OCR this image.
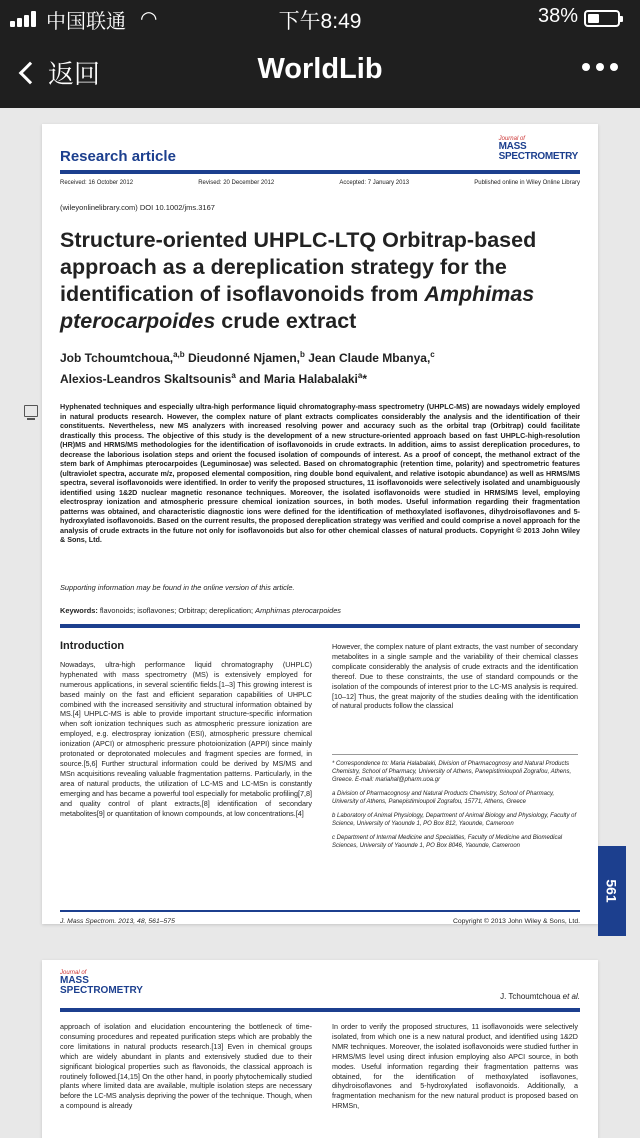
中国联通 ◠	下午8:49	38%
返回	WorldLib
Research article
Journal of
MASS
SPECTROMETRY
Received: 16 October 2012	Revised: 20 December 2012	Accepted: 7 January 2013	Published online in Wiley Online Library
(wileyonlinelibrary.com) DOI 10.1002/jms.3167
Structure-oriented UHPLC-LTQ Orbitrap-based approach as a dereplication strategy for the identification of isoflavonoids from Amphimas pterocarpoides crude extract
Job Tchoumtchoua,$^{a,b}$ Dieudonné Njamen,$^b$ Jean Claude Mbanya,$^c$
Alexios-Leandros Skaltsounis$^a$ and Maria Halabalaki$^a$*
Hyphenated techniques and especially ultra-high performance liquid chromatography-mass spectrometry (UHPLC-MS) are nowadays widely employed in natural products research. However, the complex nature of plant extracts complicates considerably the analysis and the identification of their constituents. Nevertheless, new MS analyzers with increased resolving power and accuracy such as the orbital trap (Orbitrap) could facilitate drastically this process. The objective of this study is the development of a new structure-oriented approach based on fast UHPLC-high-resolution (HR)MS and HRMS/MS methodologies for the identification of isoflavonoids in crude extracts. In addition, aims to assist dereplication procedures, to decrease the laborious isolation steps and orient the focused isolation of compounds of interest. As a proof of concept, the methanol extract of the stem bark of Amphimas pterocarpoides (Leguminosae) was selected. Based on chromatographic (retention time, polarity) and spectrometric features (ultraviolet spectra, accurate m/z, proposed elemental composition, ring double bond equivalent, and relative isotopic abundance) as well as HRMS/MS spectra, several isoflavonoids were identified. In order to verify the proposed structures, 11 isoflavonoids were selectively isolated and unambiguously identified using 1&2D nuclear magnetic resonance techniques. Moreover, the isolated isoflavonoids were studied in HRMS/MS level, employing electrospray ionization and atmospheric pressure chemical ionization sources, in both modes. Useful information regarding their fragmentation patterns was obtained, and characteristic diagnostic ions were defined for the identification of methoxylated isoflavones, dihydroisoflavones and 5-hydroxylated isoflavonoids. Based on the current results, the proposed dereplication strategy was verified and could comprise a novel approach for the analysis of crude extracts in the future not only for isoflavonoids but also for other chemical classes of natural products. Copyright © 2013 John Wiley & Sons, Ltd.
Supporting information may be found in the online version of this article.
Keywords: flavonoids; isoflavones; Orbitrap; dereplication; Amphimas pterocarpoides
Introduction
Nowadays, ultra-high performance liquid chromatography (UHPLC) hyphenated with mass spectrometry (MS) is extensively employed for numerous applications, in several scientific fields.[1–3] This growing interest is based mainly on the fast and efficient separation capabilities of UHPLC combined with the increased sensitivity and structural information obtained by MS.[4] UHPLC-MS is able to provide important structure-specific information when soft ionization techniques such as atmospheric pressure ionization are employed, e.g. electrospray ionization (ESI), atmospheric pressure chemical ionization (APCI) or atmospheric pressure photoionization (APPI) since mainly protonated or deprotonated molecules and fragment species are formed, in source.[5,6] Further structural information could be derived by MS/MS and MSn acquisitions revealing valuable fragmentation patterns. Particularly, in the area of natural products, the utilization of LC-MS and LC-MSn is constantly emerging and has became a powerful tool especially for metabolic profiling[7,8] and quality control of plant extracts,[8] identification of secondary metabolites[9] or quantitation of known compounds, at low concentrations.[4]
However, the complex nature of plant extracts, the vast number of secondary metabolites in a single sample and the variability of their chemical classes complicate considerably the analysis of crude extracts and the identification thereof. Due to these constraints, the use of standard compounds or the isolation of the compounds of interest prior to the LC-MS analysis is required.[10–12] Thus, the great majority of the studies dealing with the identification of natural products follow the classical

* Correspondence to: Maria Halabalaki, Division of Pharmacognosy and Natural Products Chemistry, School of Pharmacy, University of Athens, Panepistimioupoli Zografou, Athens, Greece. E-mail: mariahal@pharm.uoa.gr

a Division of Pharmacognosy and Natural Products Chemistry, School of Pharmacy, University of Athens, Panepistimioupoli Zografou, 15771, Athens, Greece

b Laboratory of Animal Physiology, Department of Animal Biology and Physiology, Faculty of Science, University of Yaounde 1, PO Box 812, Yaounde, Cameroon

c Department of Internal Medicine and Specialties, Faculty of Medicine and Biomedical Sciences, University of Yaounde 1, PO Box 8046, Yaounde, Cameroon

J. Mass Spectrom. 2013, 48, 561–575	Copyright © 2013 John Wiley & Sons, Ltd.
561
Journal of
MASS
SPECTROMETRY
J. Tchoumtchoua et al.
approach of isolation and elucidation encountering the bottleneck of time-consuming procedures and repeated purification steps which are probably the core limitations in natural products research.[13] Even in chemical groups which are widely abundant in plants and extensively studied due to their significant biological properties such as flavonoids, the classical approach is routinely followed.[14,15] On the other hand, in poorly phytochemically studied plants where limited data are available, multiple isolation steps are necessary before the LC-MS analysis depriving the power of the technique. Though, when a compound is already
In order to verify the proposed structures, 11 isoflavonoids were selectively isolated, from which one is a new natural product, and identified using 1&2D NMR techniques. Moreover, the isolated isoflavonoids were studied further in HRMS/MS level using direct infusion employing also APCI source, in both modes. Useful information regarding their fragmentation patterns was obtained, for the identification of methoxylated isoflavones, dihydroisoflavones and 5-hydroxylated isoflavonoids. Additionally, a fragmentation mechanism for the new natural product is proposed based on HRMSn,
